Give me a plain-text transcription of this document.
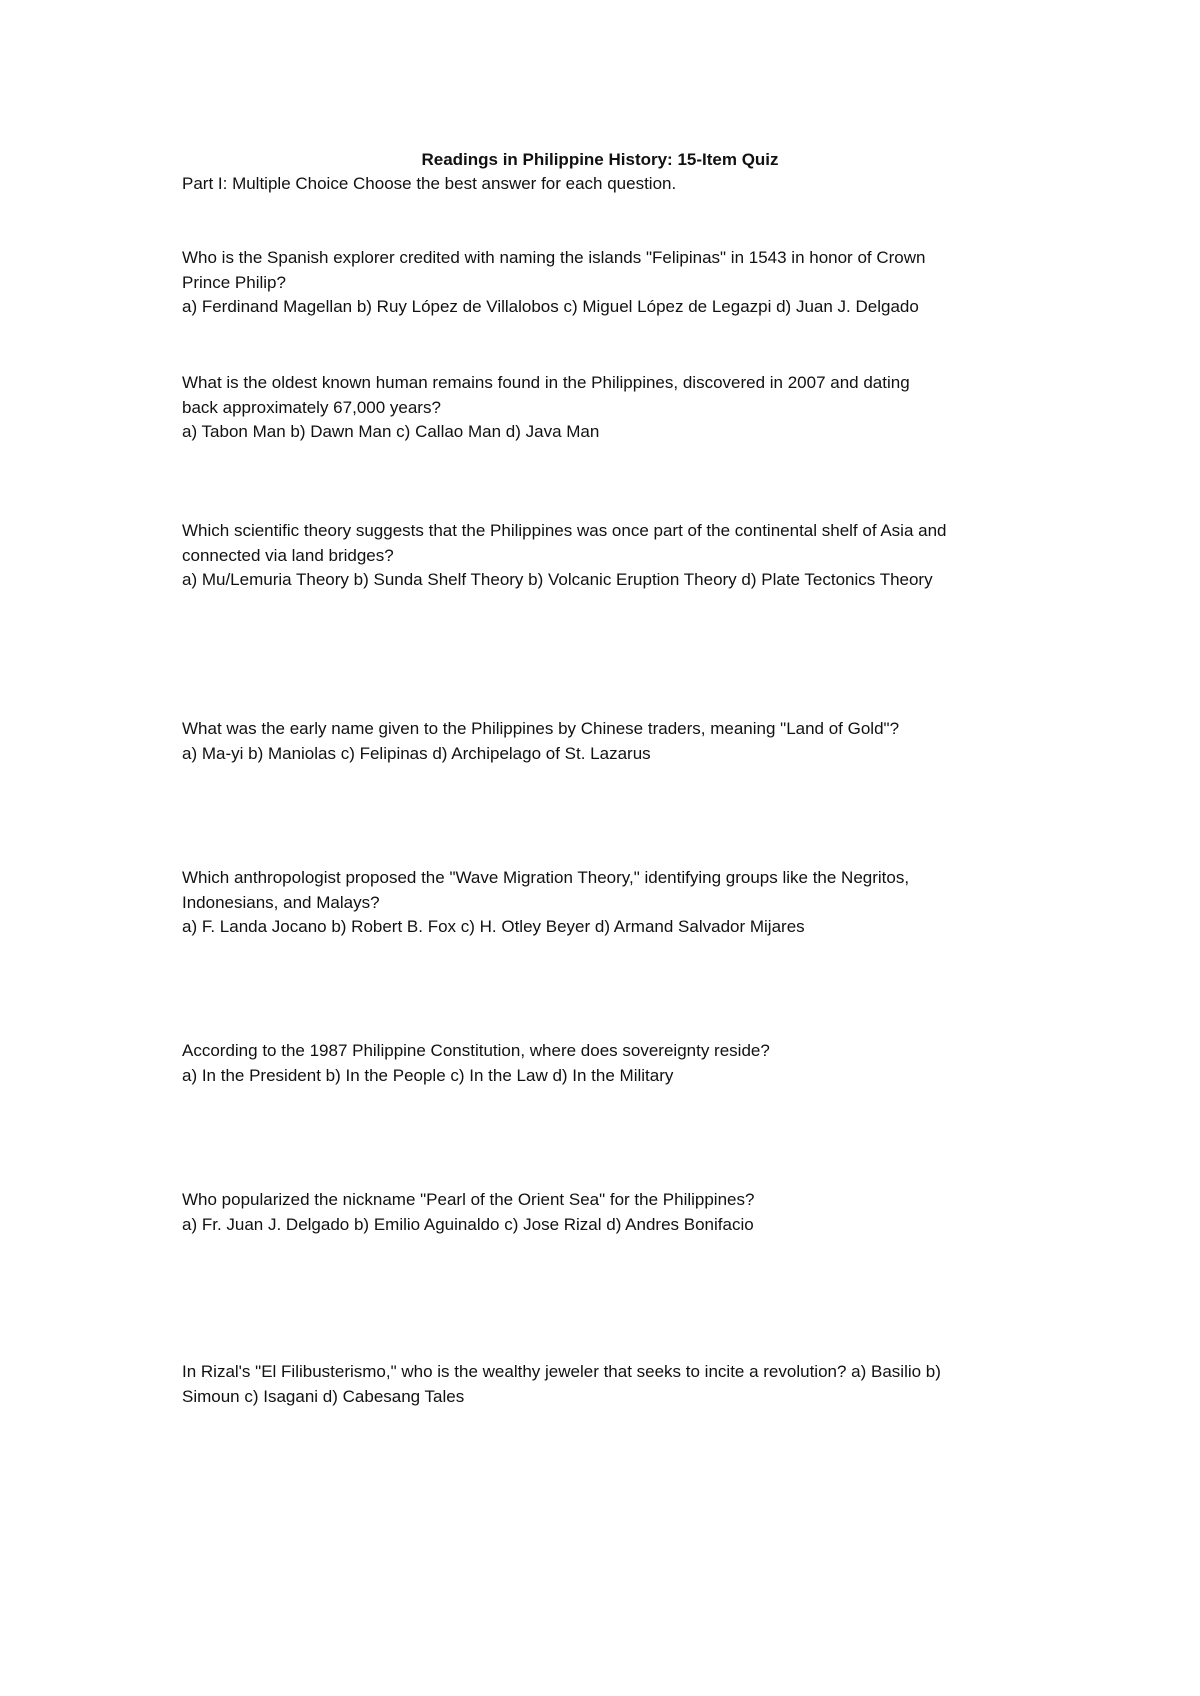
Readings in Philippine History: 15-Item Quiz
Part I: Multiple Choice Choose the best answer for each question.

Who is the Spanish explorer credited with naming the islands "Felipinas" in 1543 in honor of Crown

Prince Philip?

a) Ferdinand Magellan b) Ruy López de Villalobos c) Miguel López de Legazpi d) Juan J. Delgado

What is the oldest known human remains found in the Philippines, discovered in 2007 and dating

back approximately 67,000 years?

a) Tabon Man b) Dawn Man c) Callao Man d) Java Man

Which scientific theory suggests that the Philippines was once part of the continental shelf of Asia and

connected via land bridges?

a) Mu/Lemuria Theory b) Sunda Shelf Theory b) Volcanic Eruption Theory d) Plate Tectonics Theory

What was the early name given to the Philippines by Chinese traders, meaning "Land of Gold"?

a) Ma-yi b) Maniolas c) Felipinas d) Archipelago of St. Lazarus

Which anthropologist proposed the "Wave Migration Theory," identifying groups like the Negritos,

Indonesians, and Malays?

a) F. Landa Jocano b) Robert B. Fox c) H. Otley Beyer d) Armand Salvador Mijares

According to the 1987 Philippine Constitution, where does sovereignty reside?

a) In the President b) In the People c) In the Law d) In the Military

Who popularized the nickname "Pearl of the Orient Sea" for the Philippines?

a) Fr. Juan J. Delgado b) Emilio Aguinaldo c) Jose Rizal d) Andres Bonifacio

In Rizal's "El Filibusterismo," who is the wealthy jeweler that seeks to incite a revolution? a) Basilio b)

Simoun c) Isagani d) Cabesang Tales
